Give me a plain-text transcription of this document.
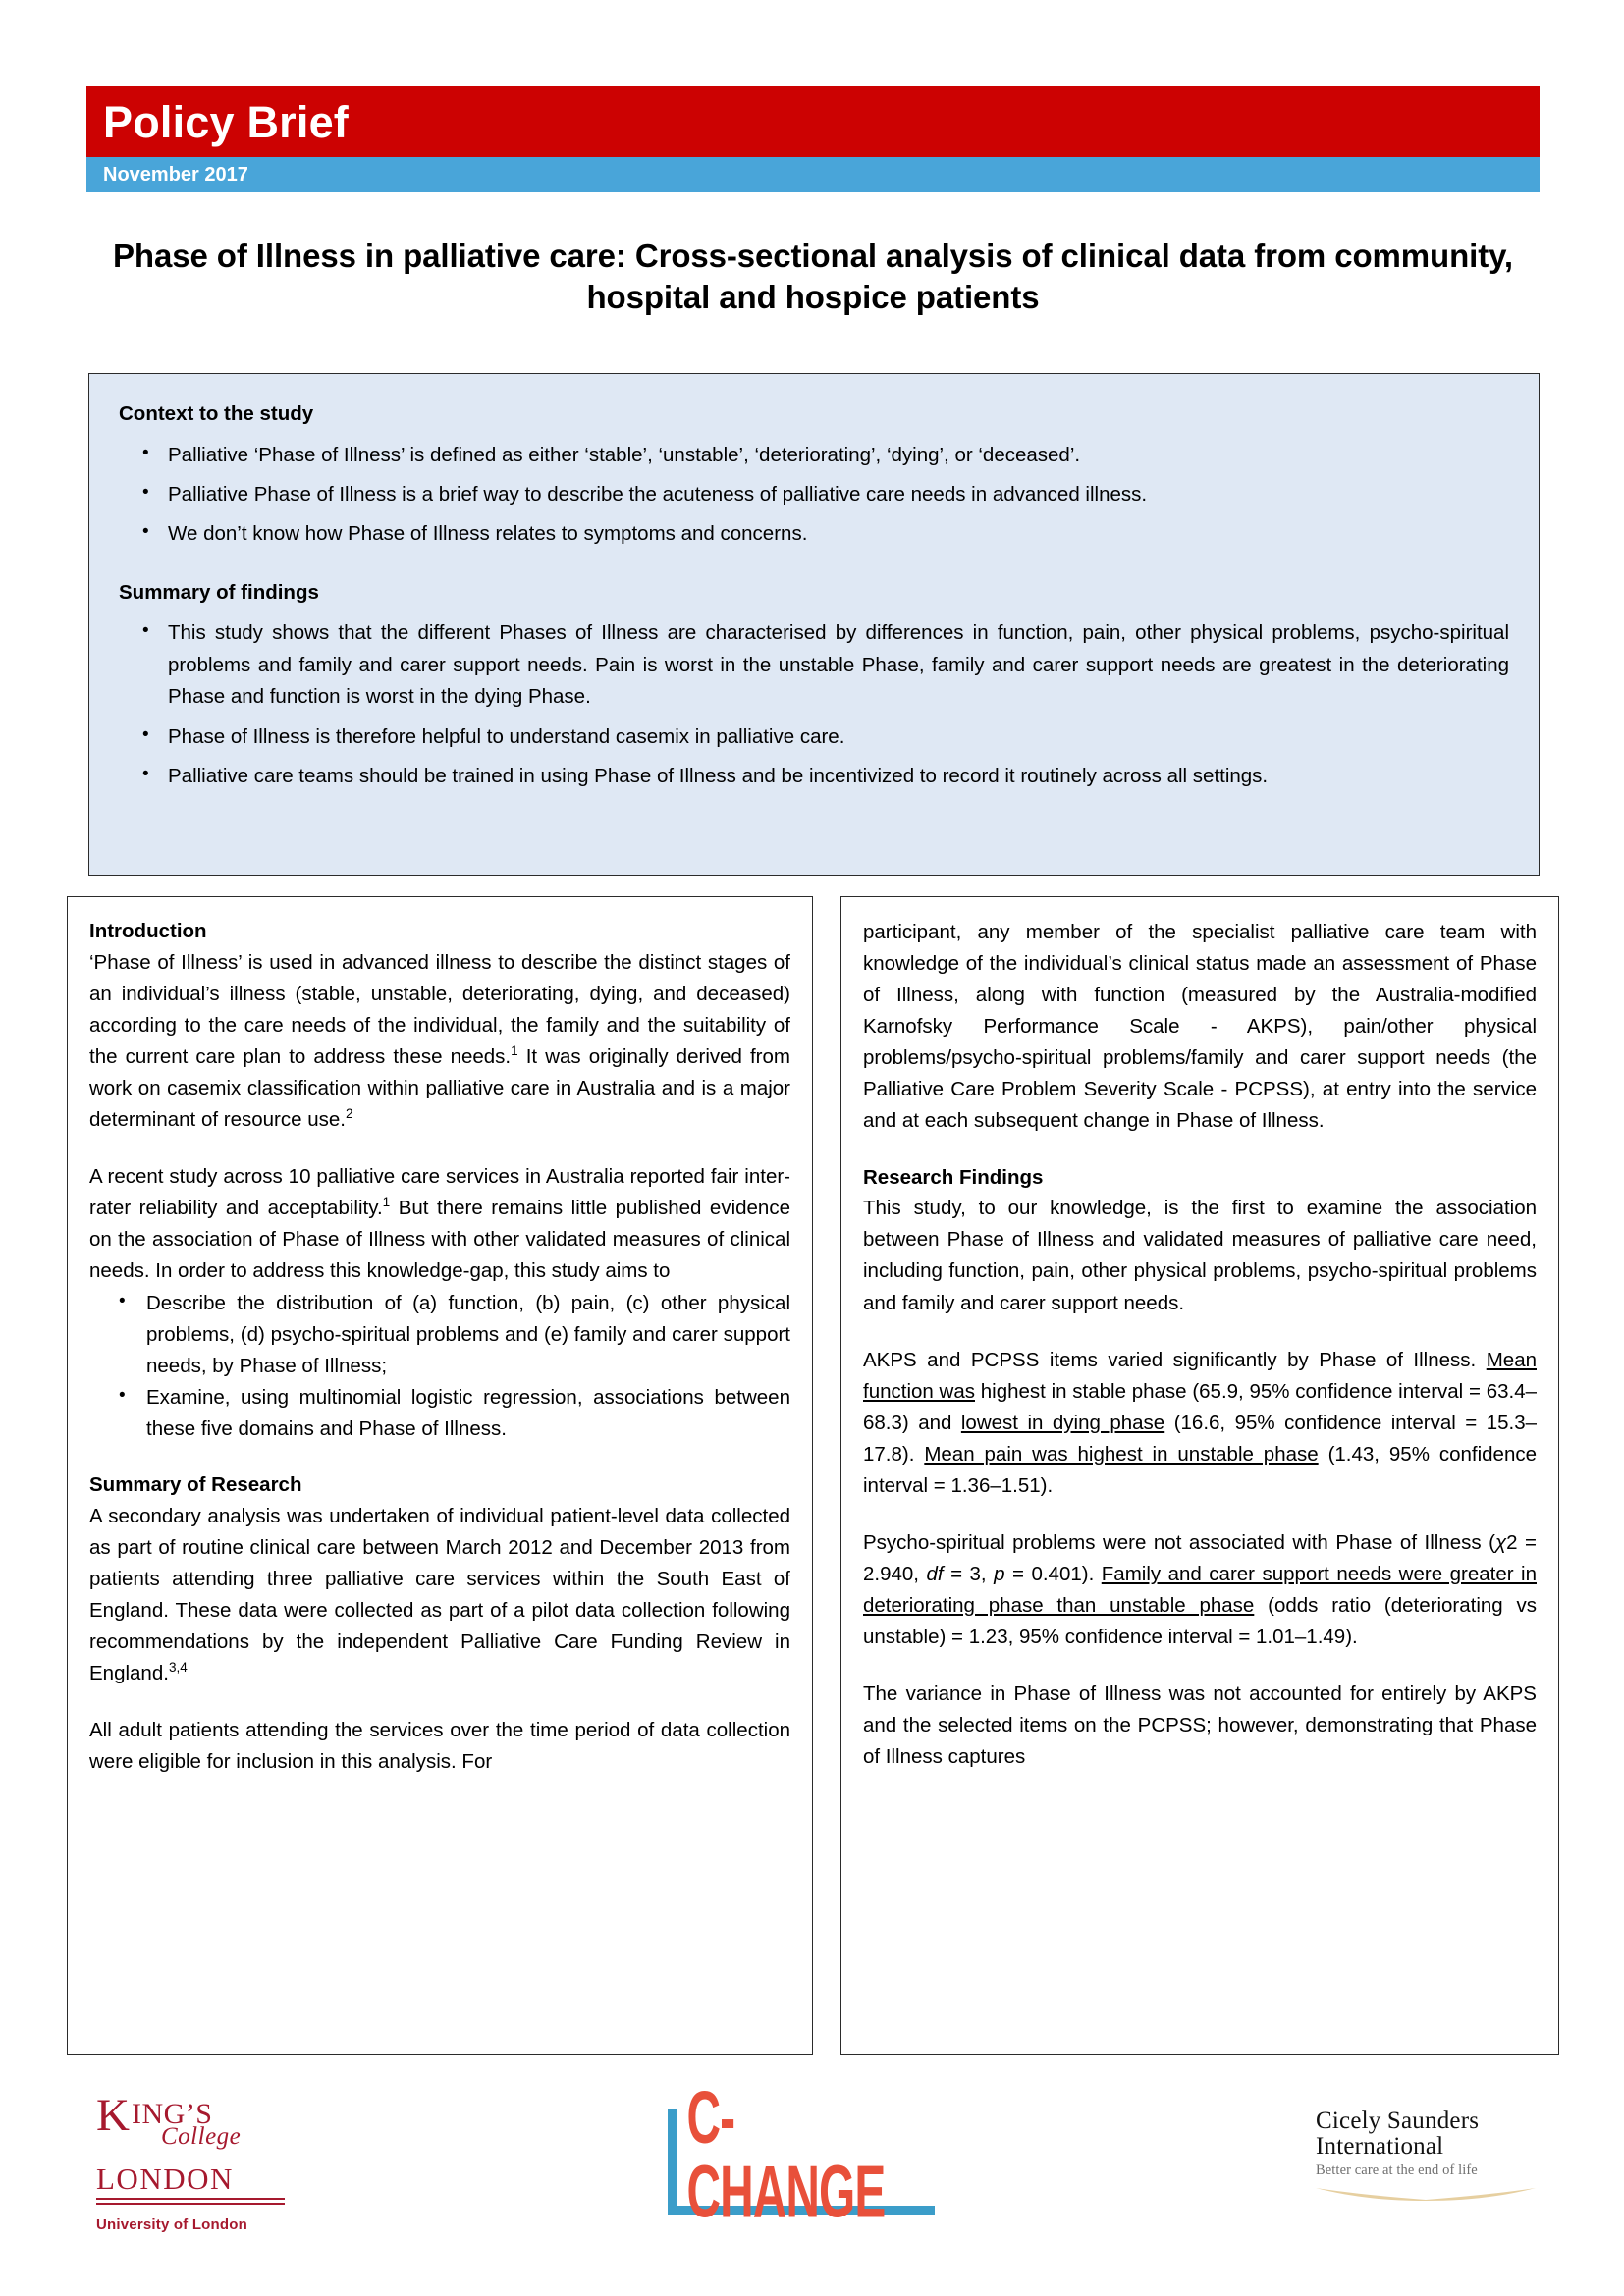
Policy Brief
November 2017
Phase of Illness in palliative care: Cross-sectional analysis of clinical data from community, hospital and hospice patients
Context to the study
• Palliative ‘Phase of Illness’ is defined as either ‘stable’, ‘unstable’, ‘deteriorating’, ‘dying’, or ‘deceased’.
• Palliative Phase of Illness is a brief way to describe the acuteness of palliative care needs in advanced illness.
• We don’t know how Phase of Illness relates to symptoms and concerns.
Summary of findings
• This study shows that the different Phases of Illness are characterised by differences in function, pain, other physical problems, psycho-spiritual problems and family and carer support needs. Pain is worst in the unstable Phase, family and carer support needs are greatest in the deteriorating Phase and function is worst in the dying Phase.
• Phase of Illness is therefore helpful to understand casemix in palliative care.
• Palliative care teams should be trained in using Phase of Illness and be incentivized to record it routinely across all settings.
Introduction

‘Phase of Illness’ is used in advanced illness to describe the distinct stages of an individual’s illness (stable, unstable, deteriorating, dying, and deceased) according to the care needs of the individual, the family and the suitability of the current care plan to address these needs.$^1$ It was originally derived from work on casemix classification within palliative care in Australia and is a major determinant of resource use.$^2$

A recent study across 10 palliative care services in Australia reported fair inter-rater reliability and acceptability.$^1$ But there remains little published evidence on the association of Phase of Illness with other validated measures of clinical needs. In order to address this knowledge-gap, this study aims to

• Describe the distribution of (a) function, (b) pain, (c) other physical problems, (d) psycho-spiritual problems and (e) family and carer support needs, by Phase of Illness;
• Examine, using multinomial logistic regression, associations between these five domains and Phase of Illness.
Summary of Research

A secondary analysis was undertaken of individual patient-level data collected as part of routine clinical care between March 2012 and December 2013 from patients attending three palliative care services within the South East of England. These data were collected as part of a pilot data collection following recommendations by the independent Palliative Care Funding Review in England.$^{3,4}$

All adult patients attending the services over the time period of data collection were eligible for inclusion in this analysis. For

participant, any member of the specialist palliative care team with knowledge of the individual’s clinical status made an assessment of Phase of Illness, along with function (measured by the Australia-modified Karnofsky Performance Scale - AKPS), pain/other physical problems/psycho-spiritual problems/family and carer support needs (the Palliative Care Problem Severity Scale - PCPSS), at entry into the service and at each subsequent change in Phase of Illness.

Research Findings

This study, to our knowledge, is the first to examine the association between Phase of Illness and validated measures of palliative care need, including function, pain, other physical problems, psycho-spiritual problems and family and carer support needs.

AKPS and PCPSS items varied significantly by Phase of Illness. Mean function was highest in stable phase (65.9, 95% confidence interval = 63.4–68.3) and lowest in dying phase (16.6, 95% confidence interval = 15.3–17.8). Mean pain was highest in unstable phase (1.43, 95% confidence interval = 1.36–1.51).

Psycho-spiritual problems were not associated with Phase of Illness (χ2 = 2.940, df = 3, p = 0.401). Family and carer support needs were greater in deteriorating phase than unstable phase (odds ratio (deteriorating vs unstable) = 1.23, 95% confidence interval = 1.01–1.49).

The variance in Phase of Illness was not accounted for entirely by AKPS and the selected items on the PCPSS; however, demonstrating that Phase of Illness captures

K ING’S
College
LONDON
University of London
C-CHANGE
Cicely Saunders
International
Better care at the end of life
